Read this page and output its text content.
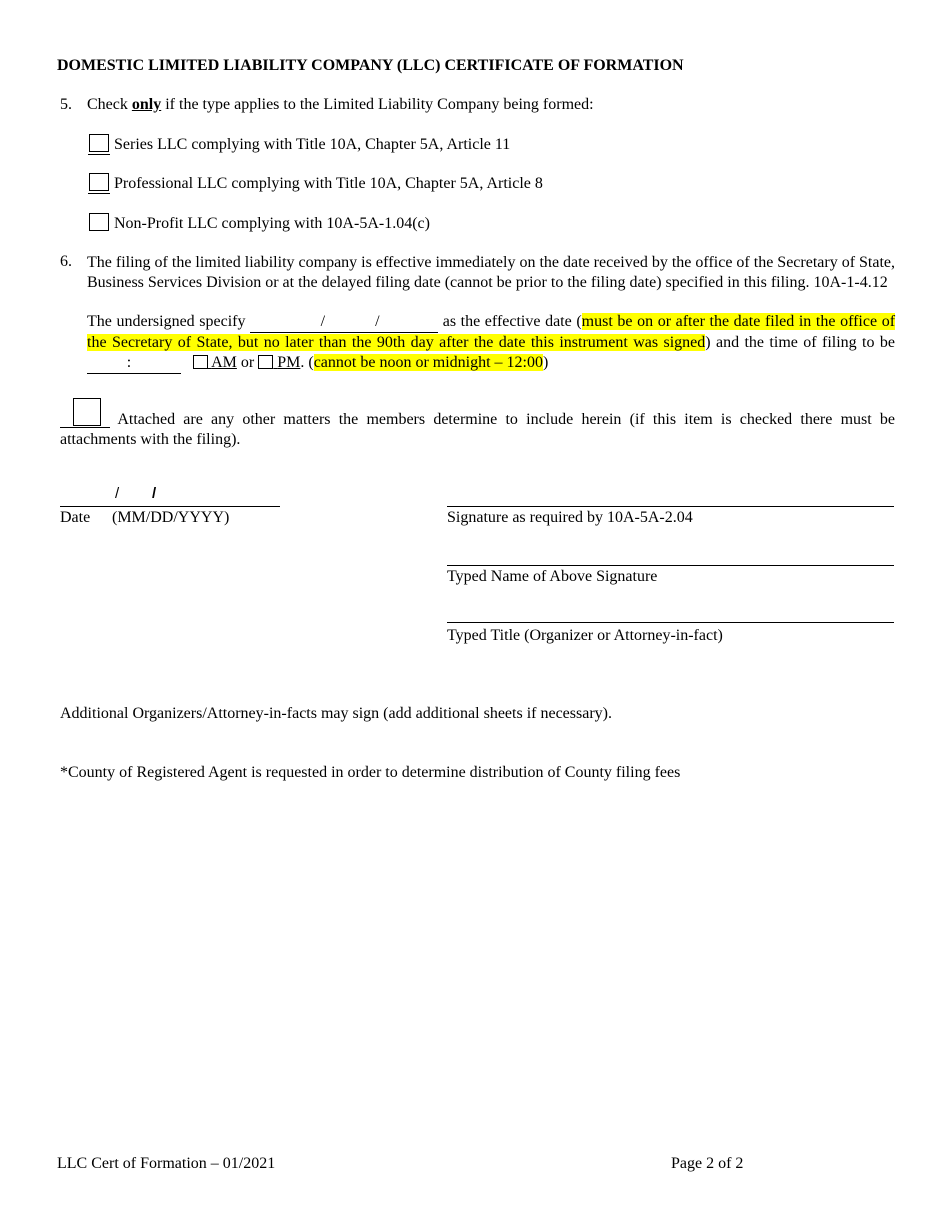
DOMESTIC LIMITED LIABILITY COMPANY (LLC) CERTIFICATE OF FORMATION
5. Check only if the type applies to the Limited Liability Company being formed:
Series LLC complying with Title 10A, Chapter 5A, Article 11
Professional LLC complying with Title 10A, Chapter 5A, Article 8
Non-Profit LLC complying with 10A-5A-1.04(c)
6. The filing of the limited liability company is effective immediately on the date received by the office of the Secretary of State, Business Services Division or at the delayed filing date (cannot be prior to the filing date) specified in this filing. 10A-1-4.12
The undersigned specify	/	/	as the effective date (must be on or after the date filed in the office of the Secretary of State, but no later than the 90th day after the date this instrument was signed) and the time of filing to be :	AM or  PM. (cannot be noon or midnight – 12:00)
Attached are any other matters the members determine to include herein (if this item is checked there must be attachments with the filing).
/ /
Date (MM/DD/YYYY)	Signature as required by 10A-5A-2.04
Typed Name of Above Signature
Typed Title (Organizer or Attorney-in-fact)
Additional Organizers/Attorney-in-facts may sign (add additional sheets if necessary).
*County of Registered Agent is requested in order to determine distribution of County filing fees
LLC Cert of Formation – 01/2021	Page 2 of 2
